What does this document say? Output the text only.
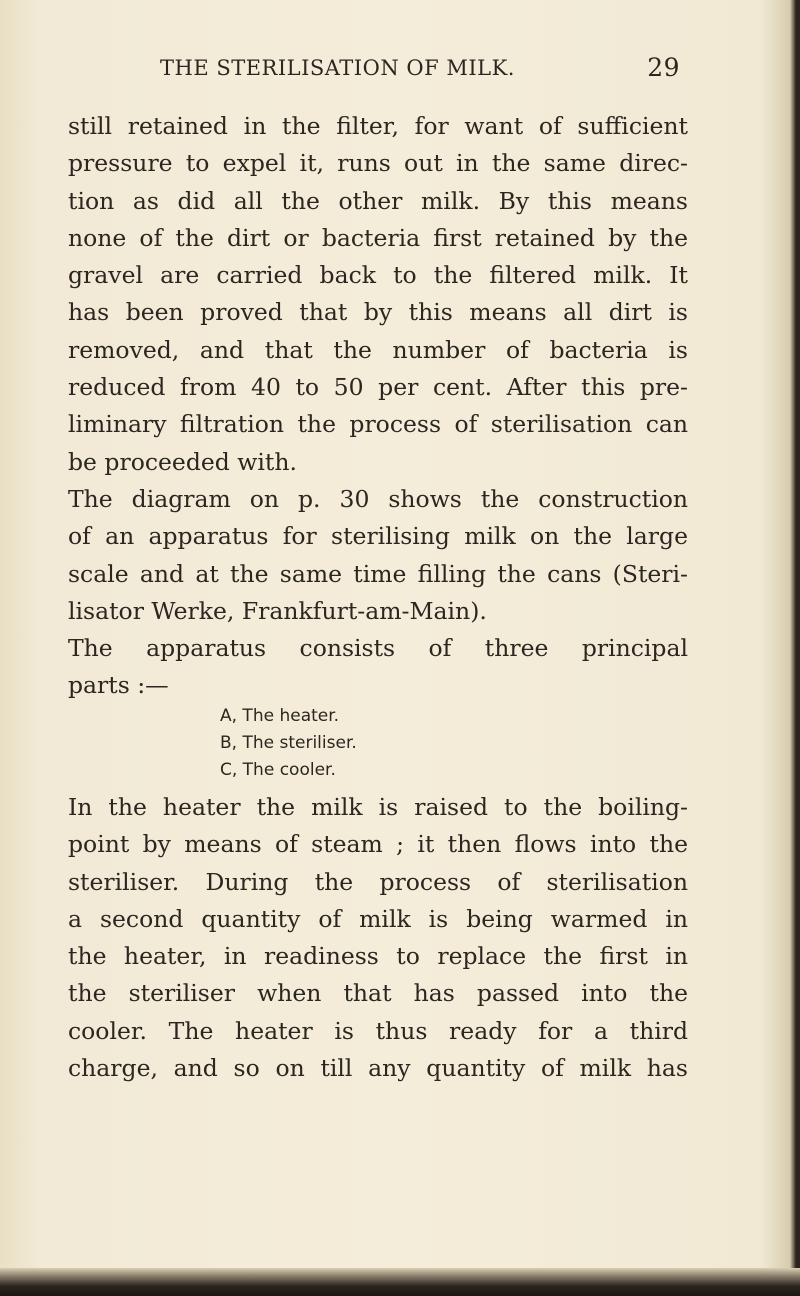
THE STERILISATION OF MILK.	29
still retained in the filter, for want of sufficient
pressure to expel it, runs out in the same direc-
tion as did all the other milk. By this means
none of the dirt or bacteria first retained by the
gravel are carried back to the filtered milk. It
has been proved that by this means all dirt is
removed, and that the number of bacteria is
reduced from 40 to 50 per cent. After this pre-
liminary filtration the process of sterilisation can
be proceeded with.
The diagram on p. 30 shows the construction
of an apparatus for sterilising milk on the large
scale and at the same time filling the cans (Steri-
lisator Werke, Frankfurt-am-Main).
The apparatus consists of three principal
parts :—
A, The heater.
B, The steriliser.
C, The cooler.
In the heater the milk is raised to the boiling-
point by means of steam ; it then flows into the
steriliser. During the process of sterilisation
a second quantity of milk is being warmed in
the heater, in readiness to replace the first in
the steriliser when that has passed into the
cooler. The heater is thus ready for a third
charge, and so on till any quantity of milk has
